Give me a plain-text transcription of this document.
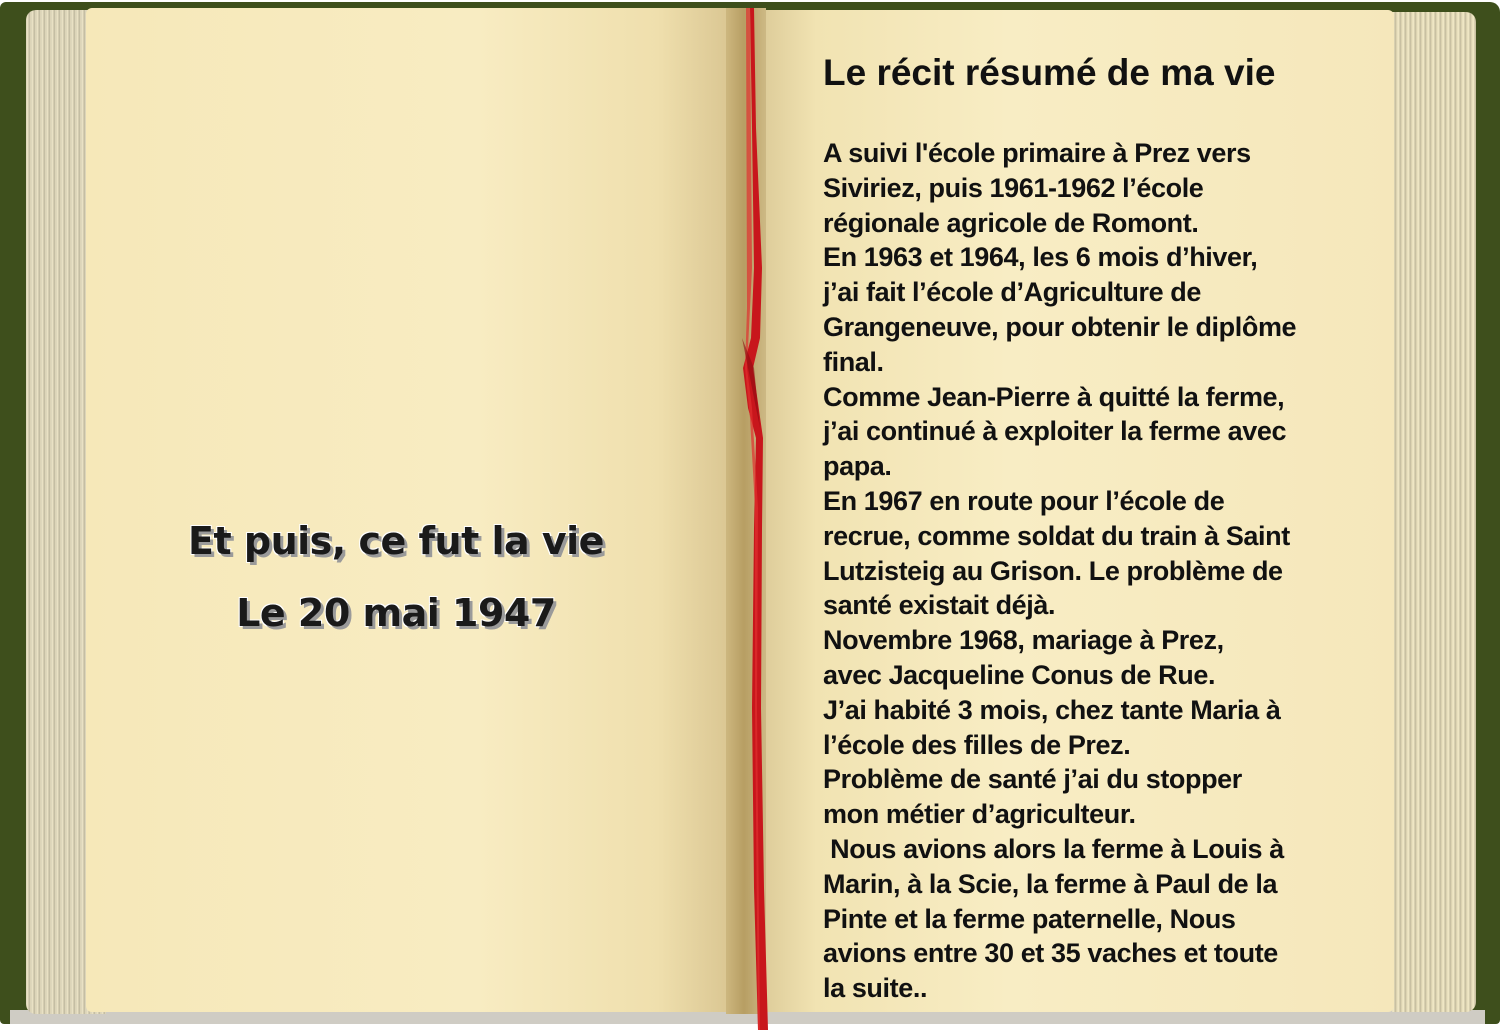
Et puis, ce fut la vie
Le 20 mai 1947
Le récit résumé de ma vie
A suivi l'école primaire à Prez vers
Siviriez, puis 1961-1962 l’école
régionale agricole de Romont.
En 1963 et 1964, les 6 mois d’hiver,
j’ai fait l’école d’Agriculture de
Grangeneuve, pour obtenir le diplôme
final.
Comme Jean-Pierre à quitté la ferme,
j’ai continué à exploiter la ferme avec
papa.
En 1967 en route pour l’école de
recrue, comme soldat du train à Saint
Lutzisteig au Grison. Le problème de
santé existait déjà.
Novembre 1968, mariage à Prez,
avec Jacqueline Conus de Rue.
J’ai habité 3 mois, chez tante Maria à
l’école des filles de Prez.
Problème de santé j’ai du stopper
mon métier d’agriculteur.
Nous avions alors la ferme à Louis à
Marin, à la Scie, la ferme à Paul de la
Pinte et la ferme paternelle, Nous
avions entre 30 et 35 vaches et toute
la suite..
